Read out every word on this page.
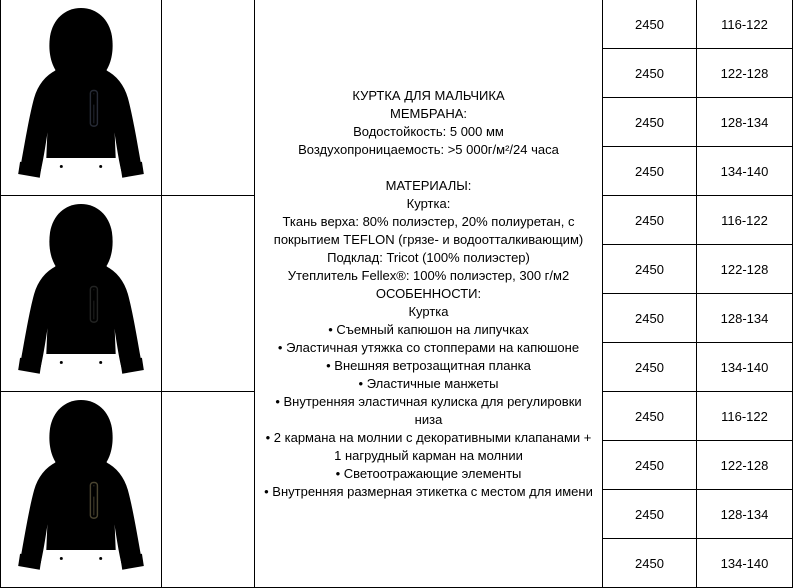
КУРТКА ДЛЯ МАЛЬЧИКА
МЕМБРАНА:
Водостойкость: 5 000 мм
Воздухопроницаемость: >5 000г/м²/24 часа
МАТЕРИАЛЫ:
Куртка:
Ткань верха: 80% полиэстер, 20% полиуретан, с покрытием TEFLON (грязе- и водоотталкивающим)
Подклад: Tricot (100% полиэстер)
Утеплитель Fellex®: 100% полиэстер, 300 г/м2
ОСОБЕННОСТИ:
Куртка
• Съемный капюшон на липучках
• Эластичная утяжка со стопперами на капюшоне
• Внешняя ветрозащитная планка
• Эластичные манжеты
• Внутренняя эластичная кулиска для регулировки низа
• 2 кармана на молнии с декоративными клапанами + 1 нагрудный карман на молнии
• Светоотражающие элементы
• Внутренняя размерная этикетка с местом для имени
2450	116-122
2450	122-128
2450	128-134
2450	134-140
2450	116-122
2450	122-128
2450	128-134
2450	134-140
2450	116-122
2450	122-128
2450	128-134
2450	134-140
